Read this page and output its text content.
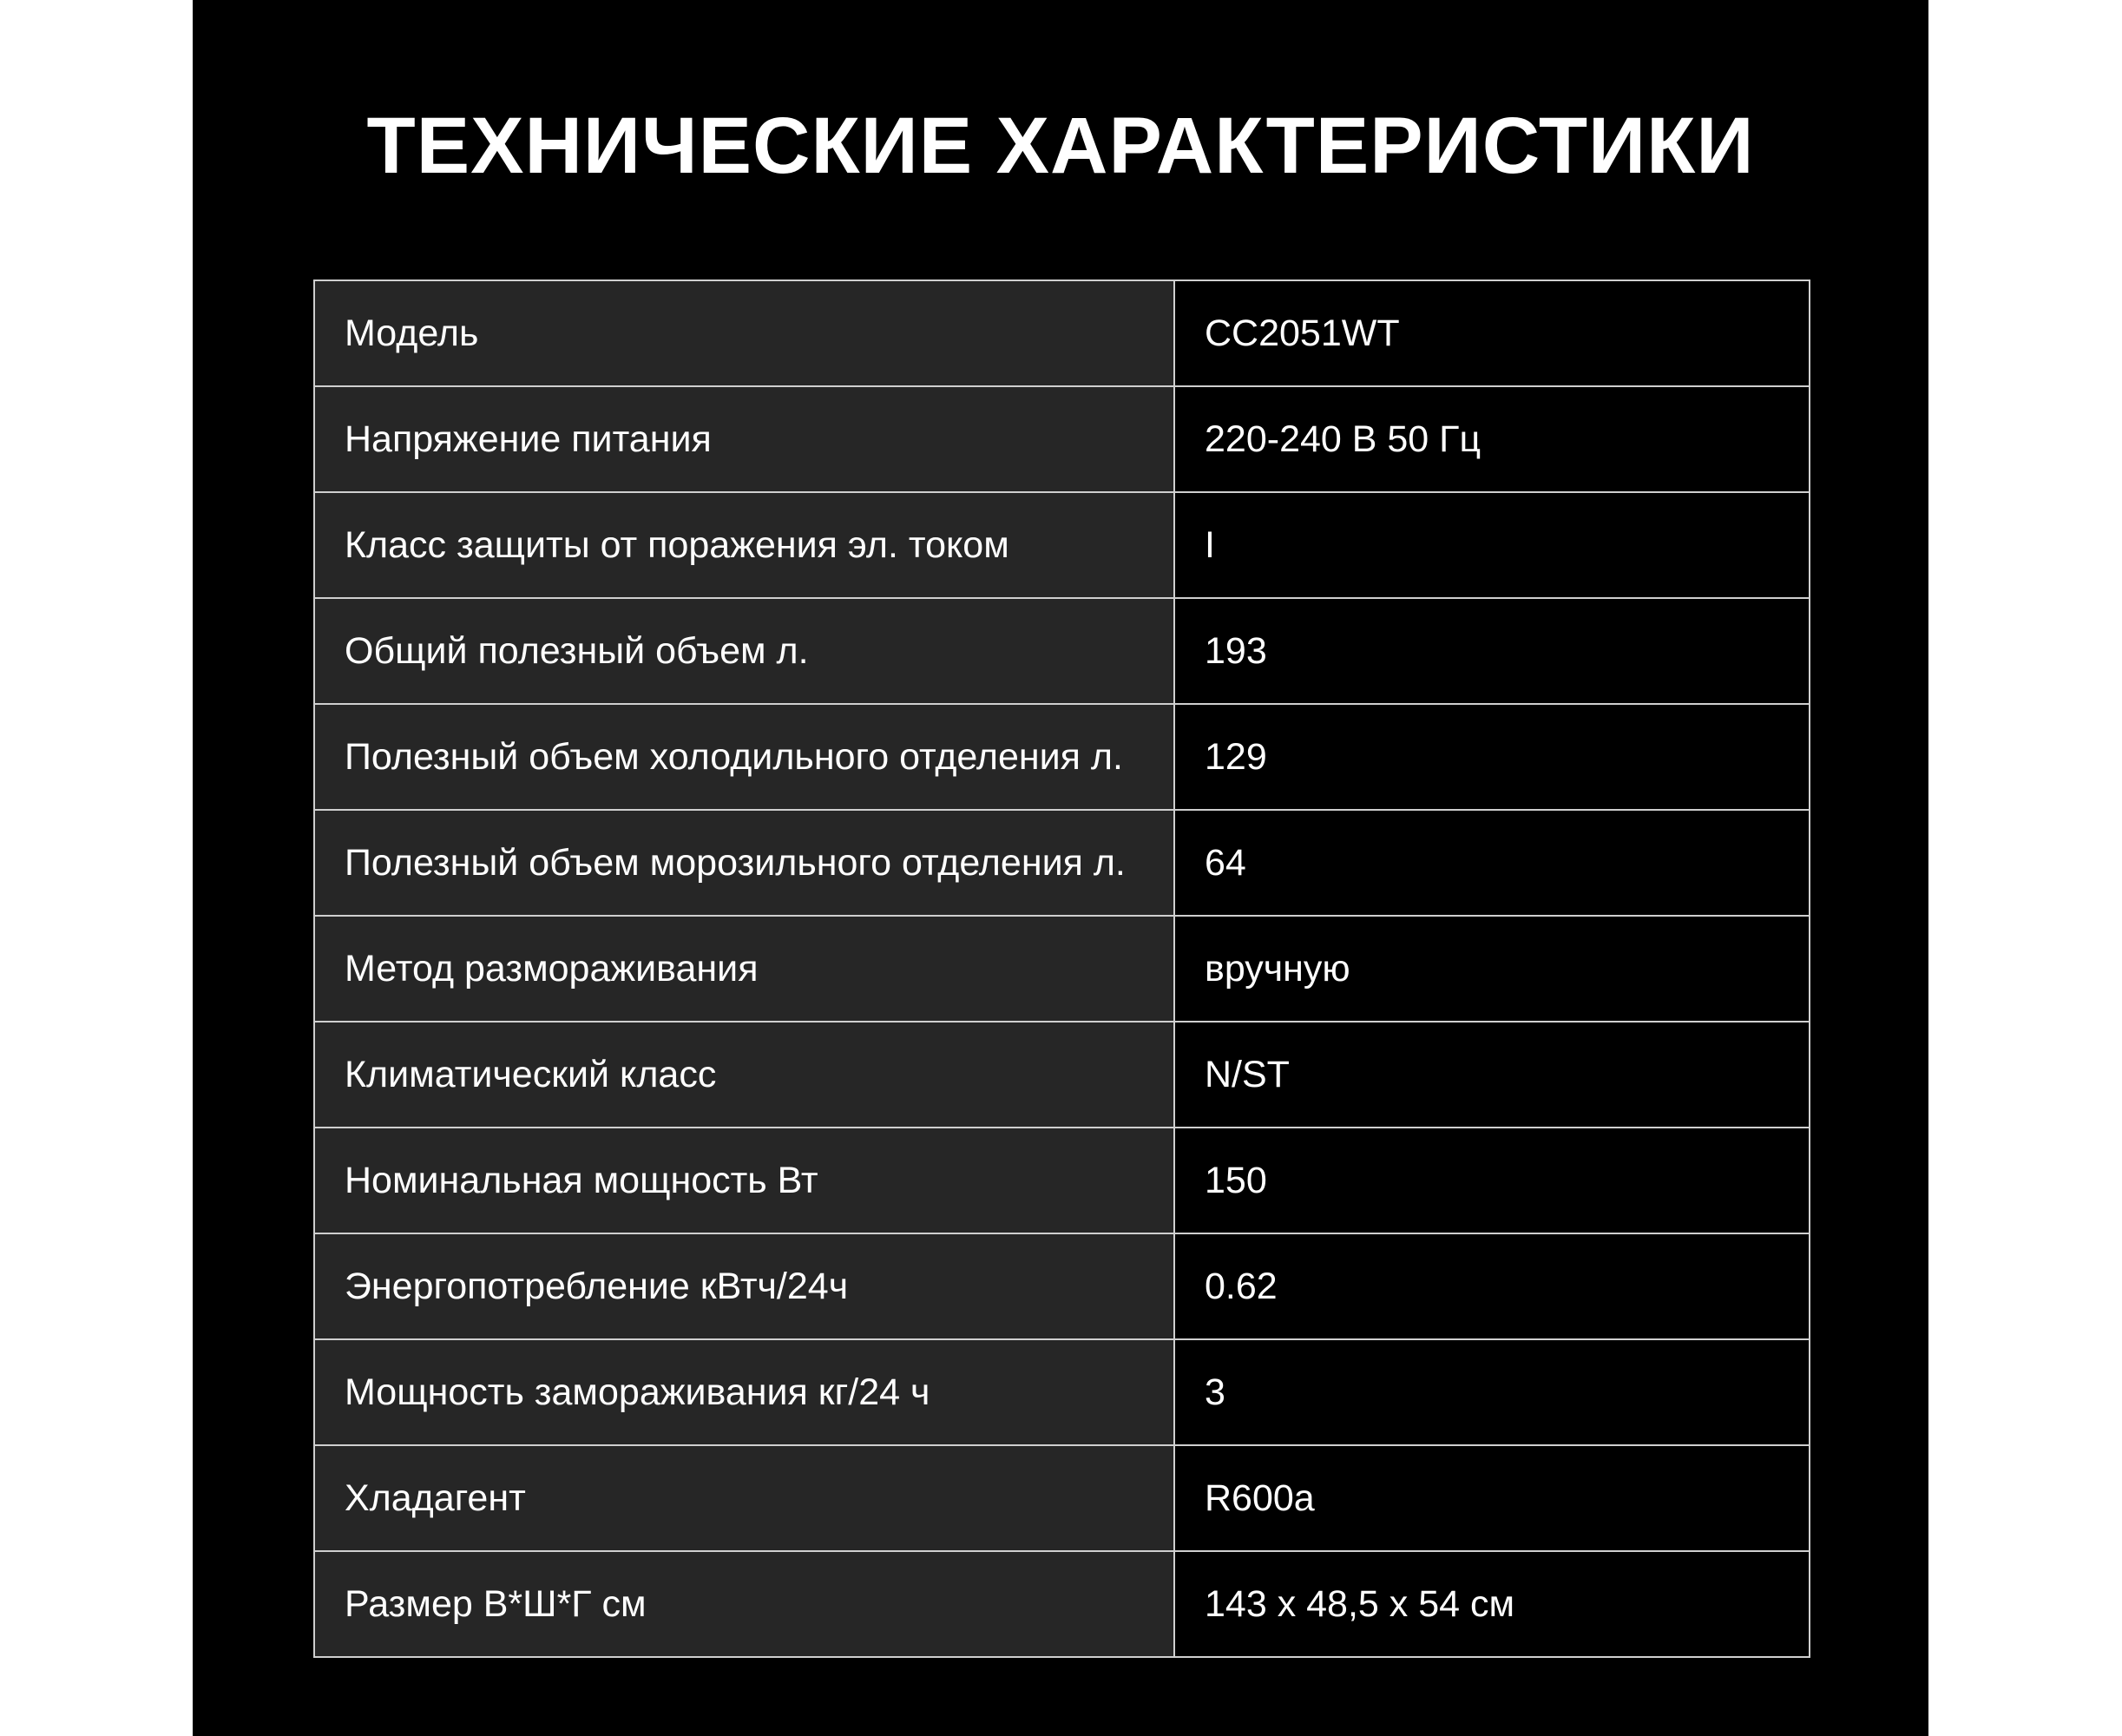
ТЕХНИЧЕСКИЕ ХАРАКТЕРИСТИКИ
Модель	CC2051WT
Напряжение питания	220-240 В 50 Гц
Класс защиты от поражения эл. током	I
Общий полезный объем л.	193
Полезный объем холодильного отделения л.	129
Полезный объем морозильного отделения л.	64
Метод размораживания	вручную
Климатический класс	N/ST
Номинальная мощность Вт	150
Энергопотребление кВтч/24ч	0.62
Мощность замораживания кг/24 ч	3
Хладагент	R600a
Размер В*Ш*Г см	143 х 48,5 х 54 см
